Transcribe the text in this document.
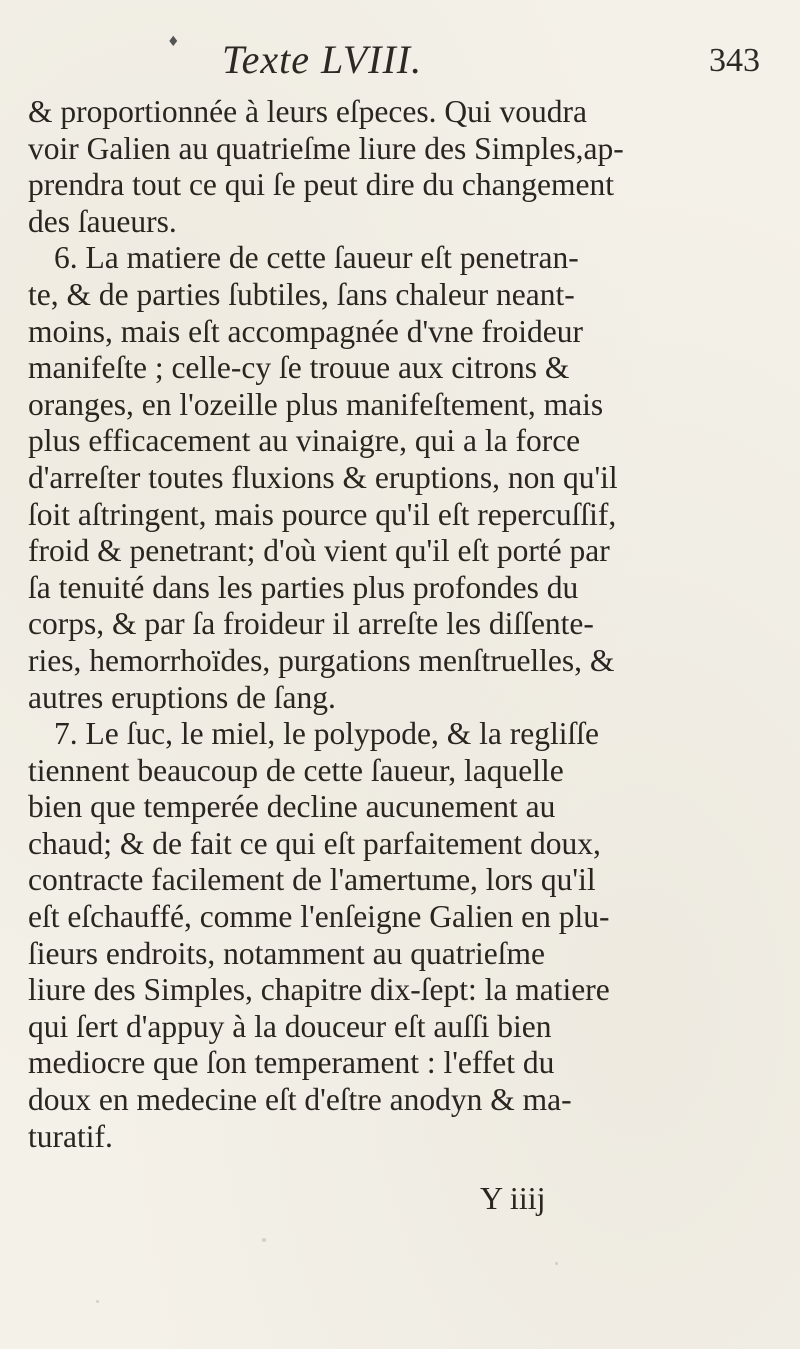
♦ Texte LVIII.	343
& proportionnée à leurs eſpeces. Qui voudra
voir Galien au quatrieſme liure des Simples,ap-
prendra tout ce qui ſe peut dire du changement
des ſaueurs.
6. La matiere de cette ſaueur eſt penetran-
te, & de parties ſubtiles, ſans chaleur neant-
moins, mais eſt accompagnée d'vne froideur
manifeſte ; celle-cy ſe trouue aux citrons &
oranges, en l'ozeille plus manifeſtement, mais
plus efficacement au vinaigre, qui a la force
d'arreſter toutes fluxions & eruptions, non qu'il
ſoit aſtringent, mais pource qu'il eſt repercuſſif,
froid & penetrant; d'où vient qu'il eſt porté par
ſa tenuité dans les parties plus profondes du
corps, & par ſa froideur il arreſte les diſſente-
ries, hemorrhoïdes, purgations menſtruelles, &
autres eruptions de ſang.
7. Le ſuc, le miel, le polypode, & la regliſſe
tiennent beaucoup de cette ſaueur, laquelle
bien que temperée decline aucunement au
chaud; & de fait ce qui eſt parfaitement doux,
contracte facilement de l'amertume, lors qu'il
eſt eſchauffé, comme l'enſeigne Galien en plu-
ſieurs endroits, notamment au quatrieſme
liure des Simples, chapitre dix-ſept: la matiere
qui ſert d'appuy à la douceur eſt auſſi bien
mediocre que ſon temperament : l'effet du
doux en medecine eſt d'eſtre anodyn & ma-
turatif.
Y iiij
